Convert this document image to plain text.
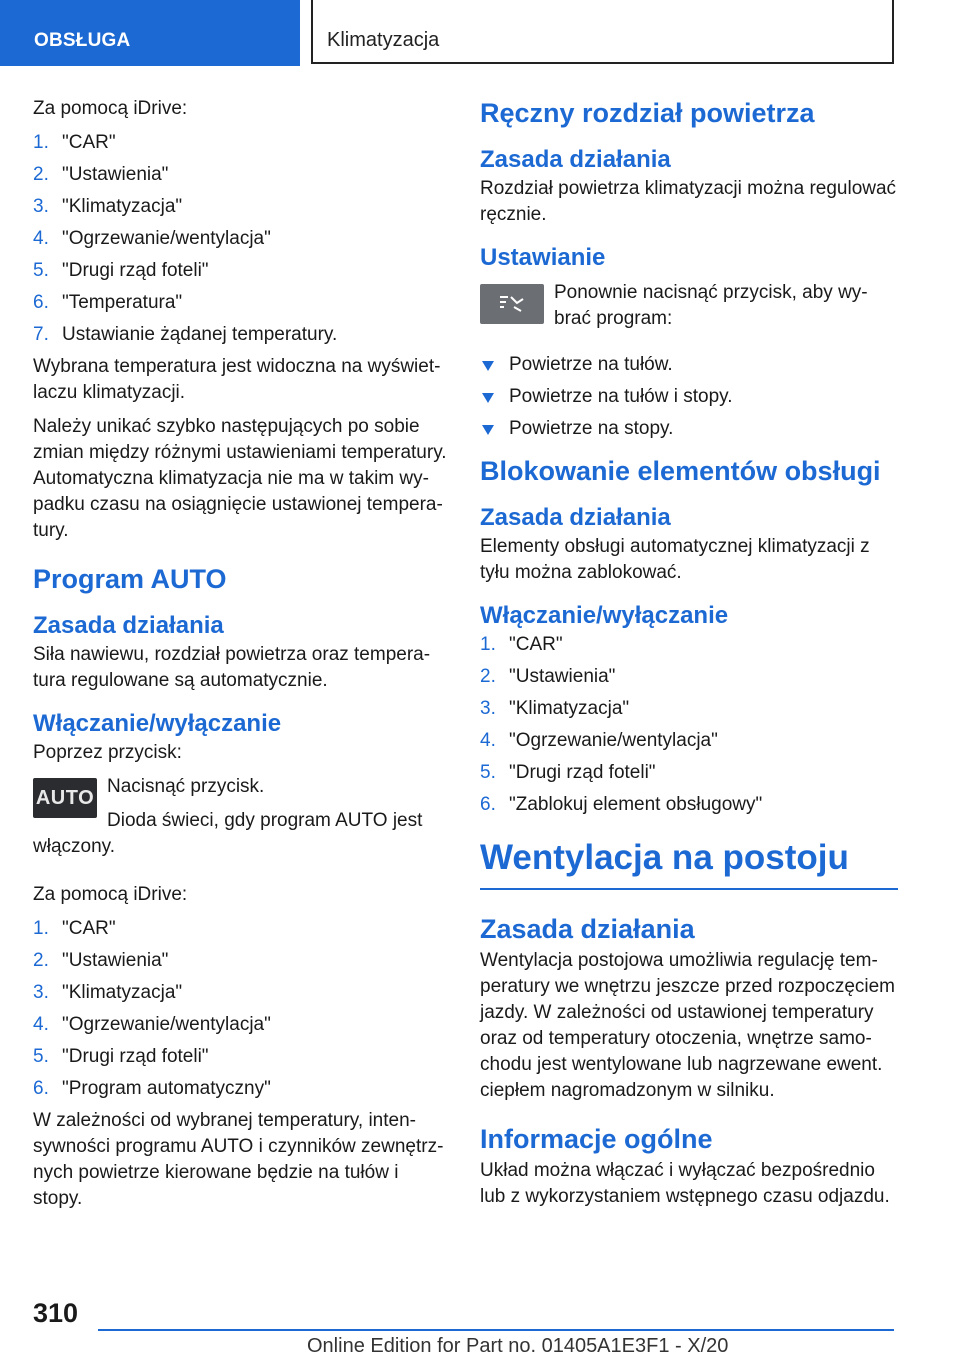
OBSŁUGA	Klimatyzacja

Za pomocą iDrive:

1. "CAR"
2. "Ustawienia"
3. "Klimatyzacja"
4. "Ogrzewanie/wentylacja"
5. "Drugi rząd foteli"
6. "Temperatura"
7. Ustawianie żądanej temperatury.

Wybrana temperatura jest widoczna na wyświet-laczu klimatyzacji.

Należy unikać szybko następujących po sobie zmian między różnymi ustawieniami temperatury. Automatyczna klimatyzacja nie ma w takim wy-padku czasu na osiągnięcie ustawionej tempera-tury.

Program AUTO
Zasada działania

Siła nawiewu, rozdział powietrza oraz tempera-tura regulowane są automatycznie.

Włączanie/wyłączanie

Poprzez przycisk:

AUTO Nacisnąć przycisk.

Dioda świeci, gdy program AUTO jest włączony.

Za pomocą iDrive:

1. "CAR"
2. "Ustawienia"
3. "Klimatyzacja"
4. "Ogrzewanie/wentylacja"
5. "Drugi rząd foteli"
6. "Program automatyczny"

W zależności od wybranej temperatury, inten-sywności programu AUTO i czynników zewnętrz-nych powietrze kierowane będzie na tułów i stopy.

Ręczny rozdział powietrza
Zasada działania

Rozdział powietrza klimatyzacji można regulować ręcznie.

Ustawianie

Ponownie nacisnąć przycisk, aby wy-brać program:

Powietrze na tułów.
Powietrze na tułów i stopy.
Powietrze na stopy.
Blokowanie elementów obsługi
Zasada działania

Elementy obsługi automatycznej klimatyzacji z tyłu można zablokować.

Włączanie/wyłączanie
1. "CAR"
2. "Ustawienia"
3. "Klimatyzacja"
4. "Ogrzewanie/wentylacja"
5. "Drugi rząd foteli"
6. "Zablokuj element obsługowy"
Wentylacja na postoju
Zasada działania

Wentylacja postojowa umożliwia regulację tem-peratury we wnętrzu jeszcze przed rozpoczęciem jazdy. W zależności od ustawionej temperatury oraz od temperatury otoczenia, wnętrze samo-chodu jest wentylowane lub nagrzewane ewent. ciepłem nagromadzonym w silniku.

Informacje ogólne

Układ można włączać i wyłączać bezpośrednio lub z wykorzystaniem wstępnego czasu odjazdu.

310
Online Edition for Part no. 01405A1E3F1 - X/20
